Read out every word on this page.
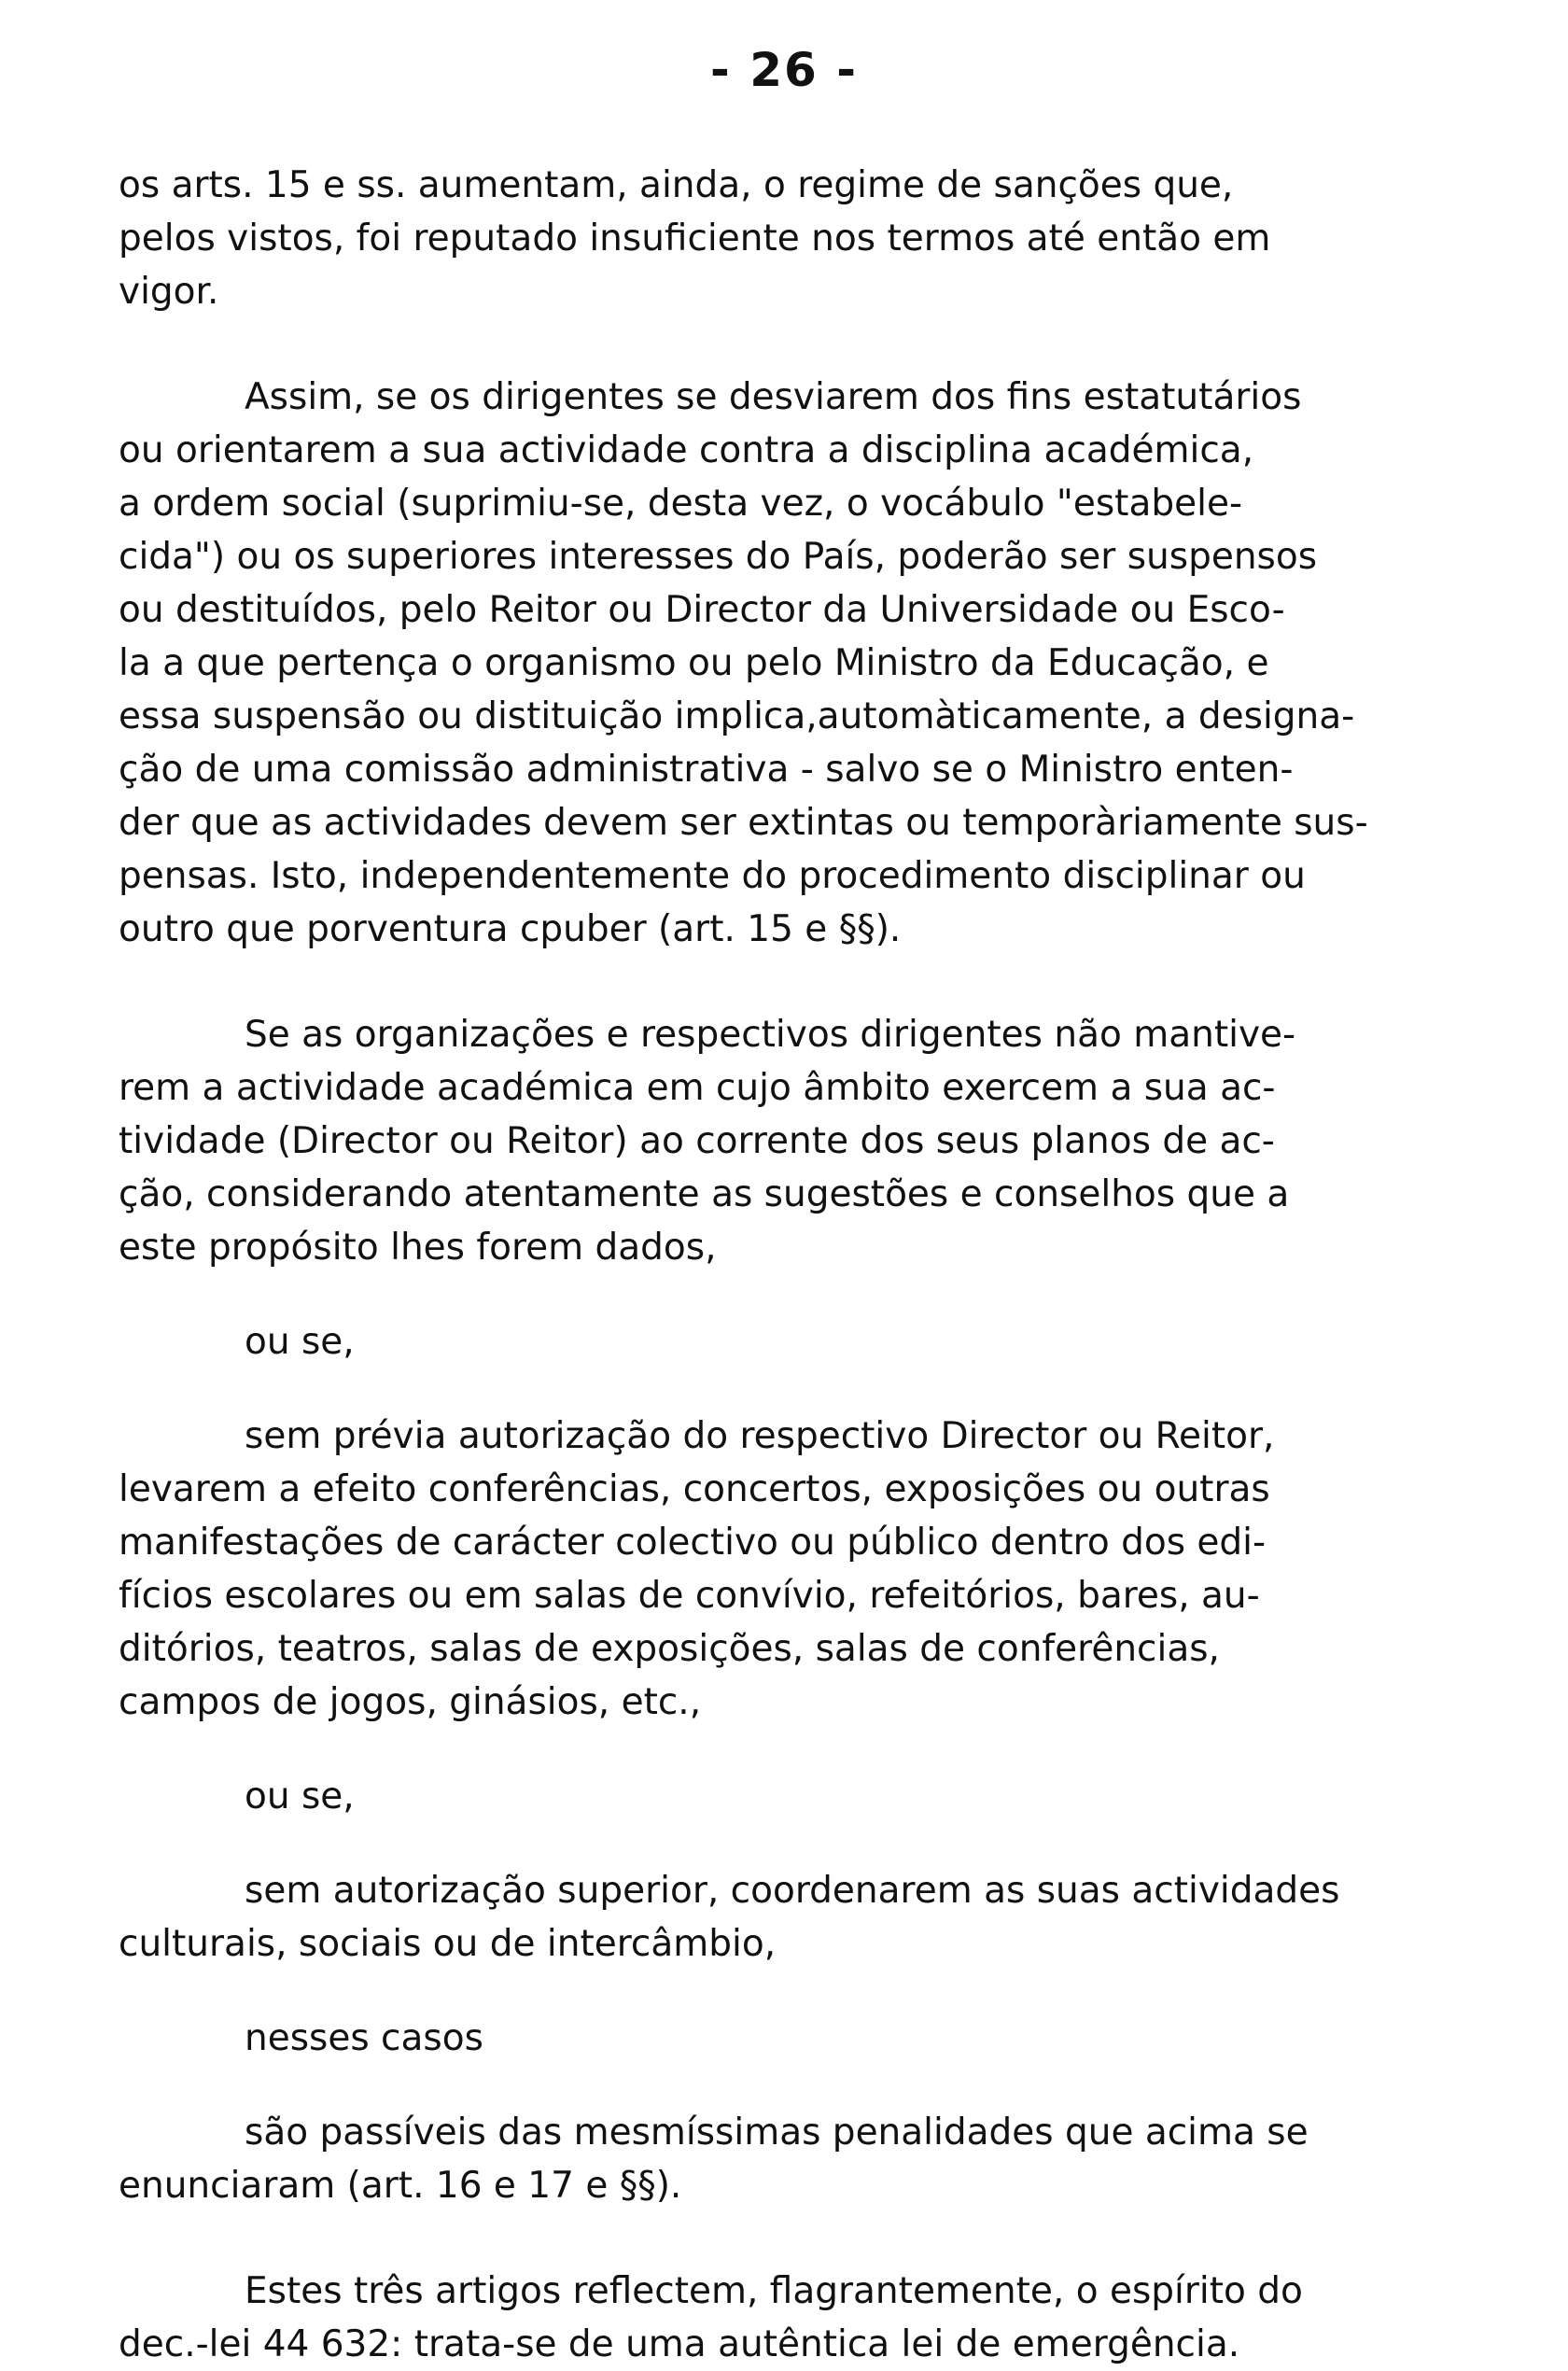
- 26 -

os arts. 15 e ss. aumentam, ainda, o regime de sanções que,
pelos vistos, foi reputado insuficiente nos termos até então em
vigor.

Assim, se os dirigentes se desviarem dos fins estatutários
ou orientarem a sua actividade contra a disciplina académica,
a ordem social (suprimiu-se, desta vez, o vocábulo "estabele-
cida") ou os superiores interesses do País, poderão ser suspensos
ou destituídos, pelo Reitor ou Director da Universidade ou Esco-
la a que pertença o organismo ou pelo Ministro da Educação, e
essa suspensão ou distituição implica,automàticamente, a designa-
ção de uma comissão administrativa - salvo se o Ministro enten-
der que as actividades devem ser extintas ou temporàriamente sus-
pensas. Isto, independentemente do procedimento disciplinar ou
outro que porventura cpuber (art. 15 e §§).

Se as organizações e respectivos dirigentes não mantive-
rem a actividade académica em cujo âmbito exercem a sua ac-
tividade (Director ou Reitor) ao corrente dos seus planos de ac-
ção, considerando atentamente as sugestões e conselhos que a
este propósito lhes forem dados,

ou se,

sem prévia autorização do respectivo Director ou Reitor,
levarem a efeito conferências, concertos, exposições ou outras
manifestações de carácter colectivo ou público dentro dos edi-
fícios escolares ou em salas de convívio, refeitórios, bares, au-
ditórios, teatros, salas de exposições, salas de conferências,
campos de jogos, ginásios, etc.,

ou se,

sem autorização superior, coordenarem as suas actividades
culturais, sociais ou de intercâmbio,

nesses casos

são passíveis das mesmíssimas penalidades que acima se
enunciaram (art. 16 e 17 e §§).

Estes três artigos reflectem, flagrantemente, o espírito do
dec.-lei 44 632: trata-se de uma autêntica lei de emergência.
